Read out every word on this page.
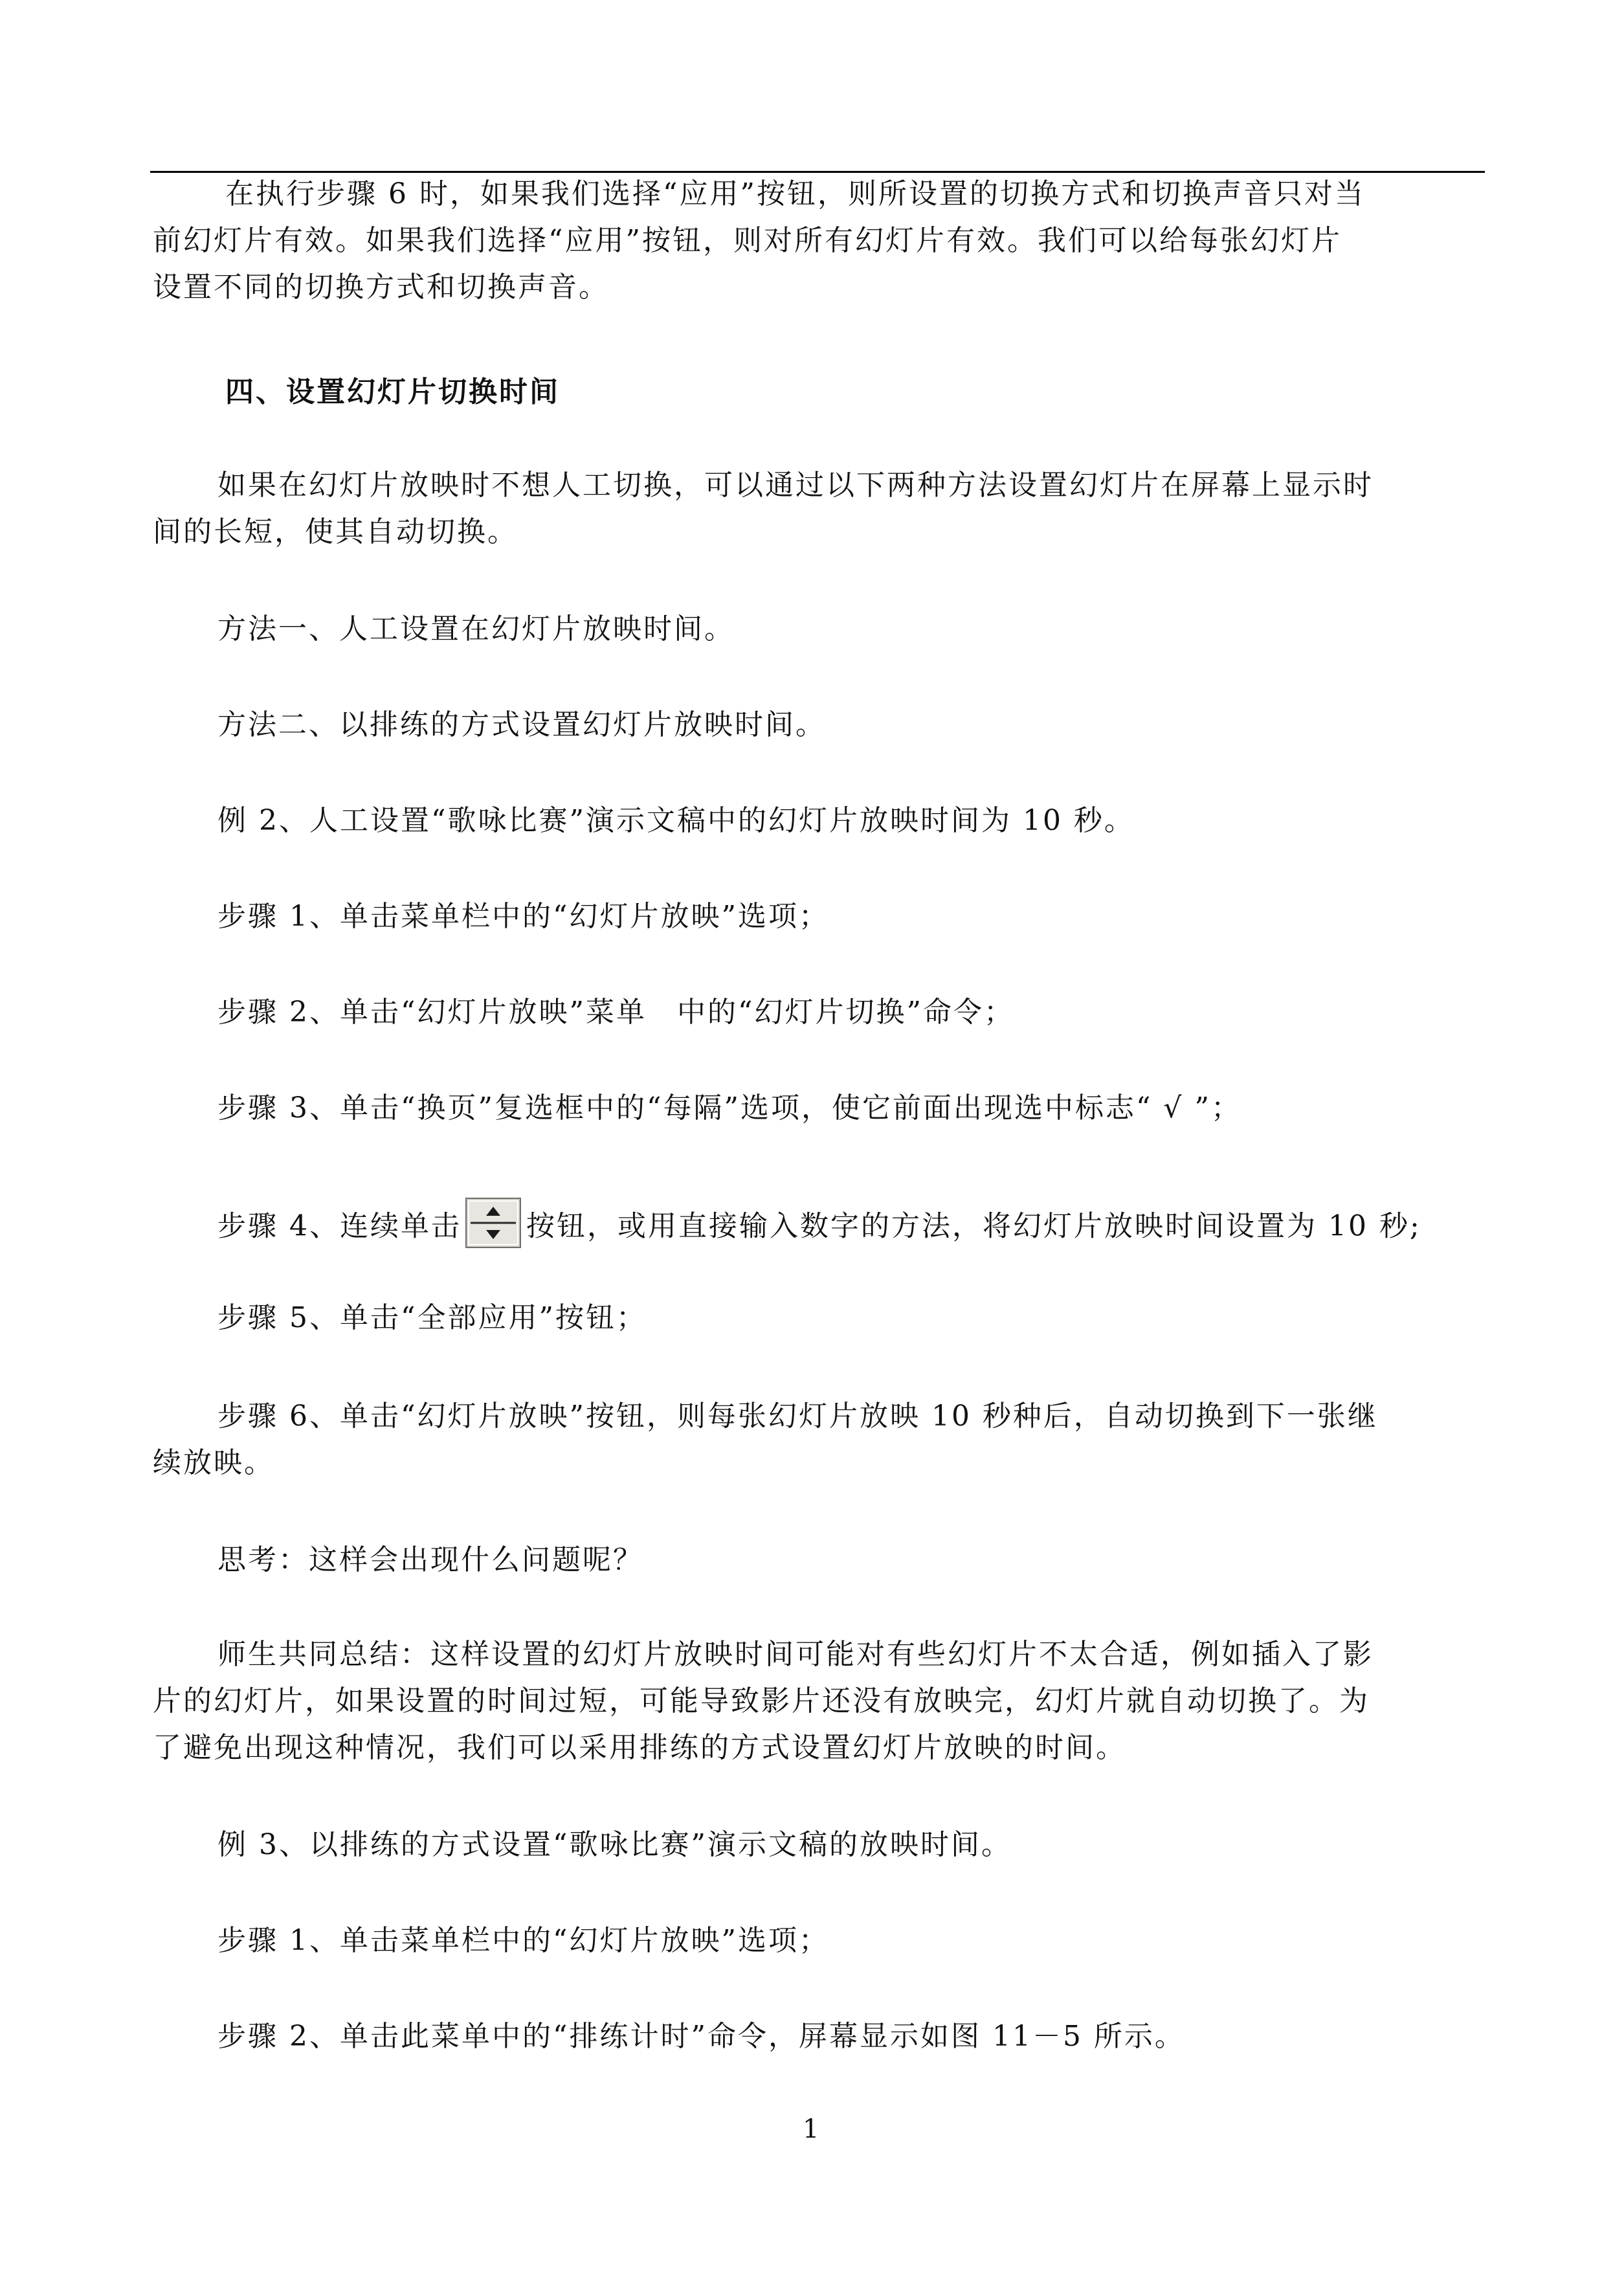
在执行步骤 6 时，如果我们选择“应用”按钮，则所设置的切换方式和切换声音只对当
前幻灯片有效。如果我们选择“应用”按钮，则对所有幻灯片有效。我们可以给每张幻灯片
设置不同的切换方式和切换声音。
四、设置幻灯片切换时间
如果在幻灯片放映时不想人工切换，可以通过以下两种方法设置幻灯片在屏幕上显示时
间的长短，使其自动切换。
方法一、人工设置在幻灯片放映时间。
方法二、以排练的方式设置幻灯片放映时间。
例 2、人工设置“歌咏比赛”演示文稿中的幻灯片放映时间为 10 秒。
步骤 1、单击菜单栏中的“幻灯片放映”选项；
步骤 2、单击“幻灯片放映”菜单　中的“幻灯片切换”命令；
步骤 3、单击“换页”复选框中的“每隔”选项，使它前面出现选中标志“ √ ”；
步骤 4、连续单击 按钮，或用直接输入数字的方法，将幻灯片放映时间设置为 10 秒;
步骤 5、单击“全部应用”按钮；
步骤 6、单击“幻灯片放映”按钮，则每张幻灯片放映 10 秒种后，自动切换到下一张继
续放映。
思考：这样会出现什么问题呢？
师生共同总结：这样设置的幻灯片放映时间可能对有些幻灯片不太合适，例如插入了影
片的幻灯片，如果设置的时间过短，可能导致影片还没有放映完，幻灯片就自动切换了。为
了避免出现这种情况，我们可以采用排练的方式设置幻灯片放映的时间。
例 3、以排练的方式设置“歌咏比赛”演示文稿的放映时间。
步骤 1、单击菜单栏中的“幻灯片放映”选项；
步骤 2、单击此菜单中的“排练计时”命令，屏幕显示如图 11－5 所示。
1
